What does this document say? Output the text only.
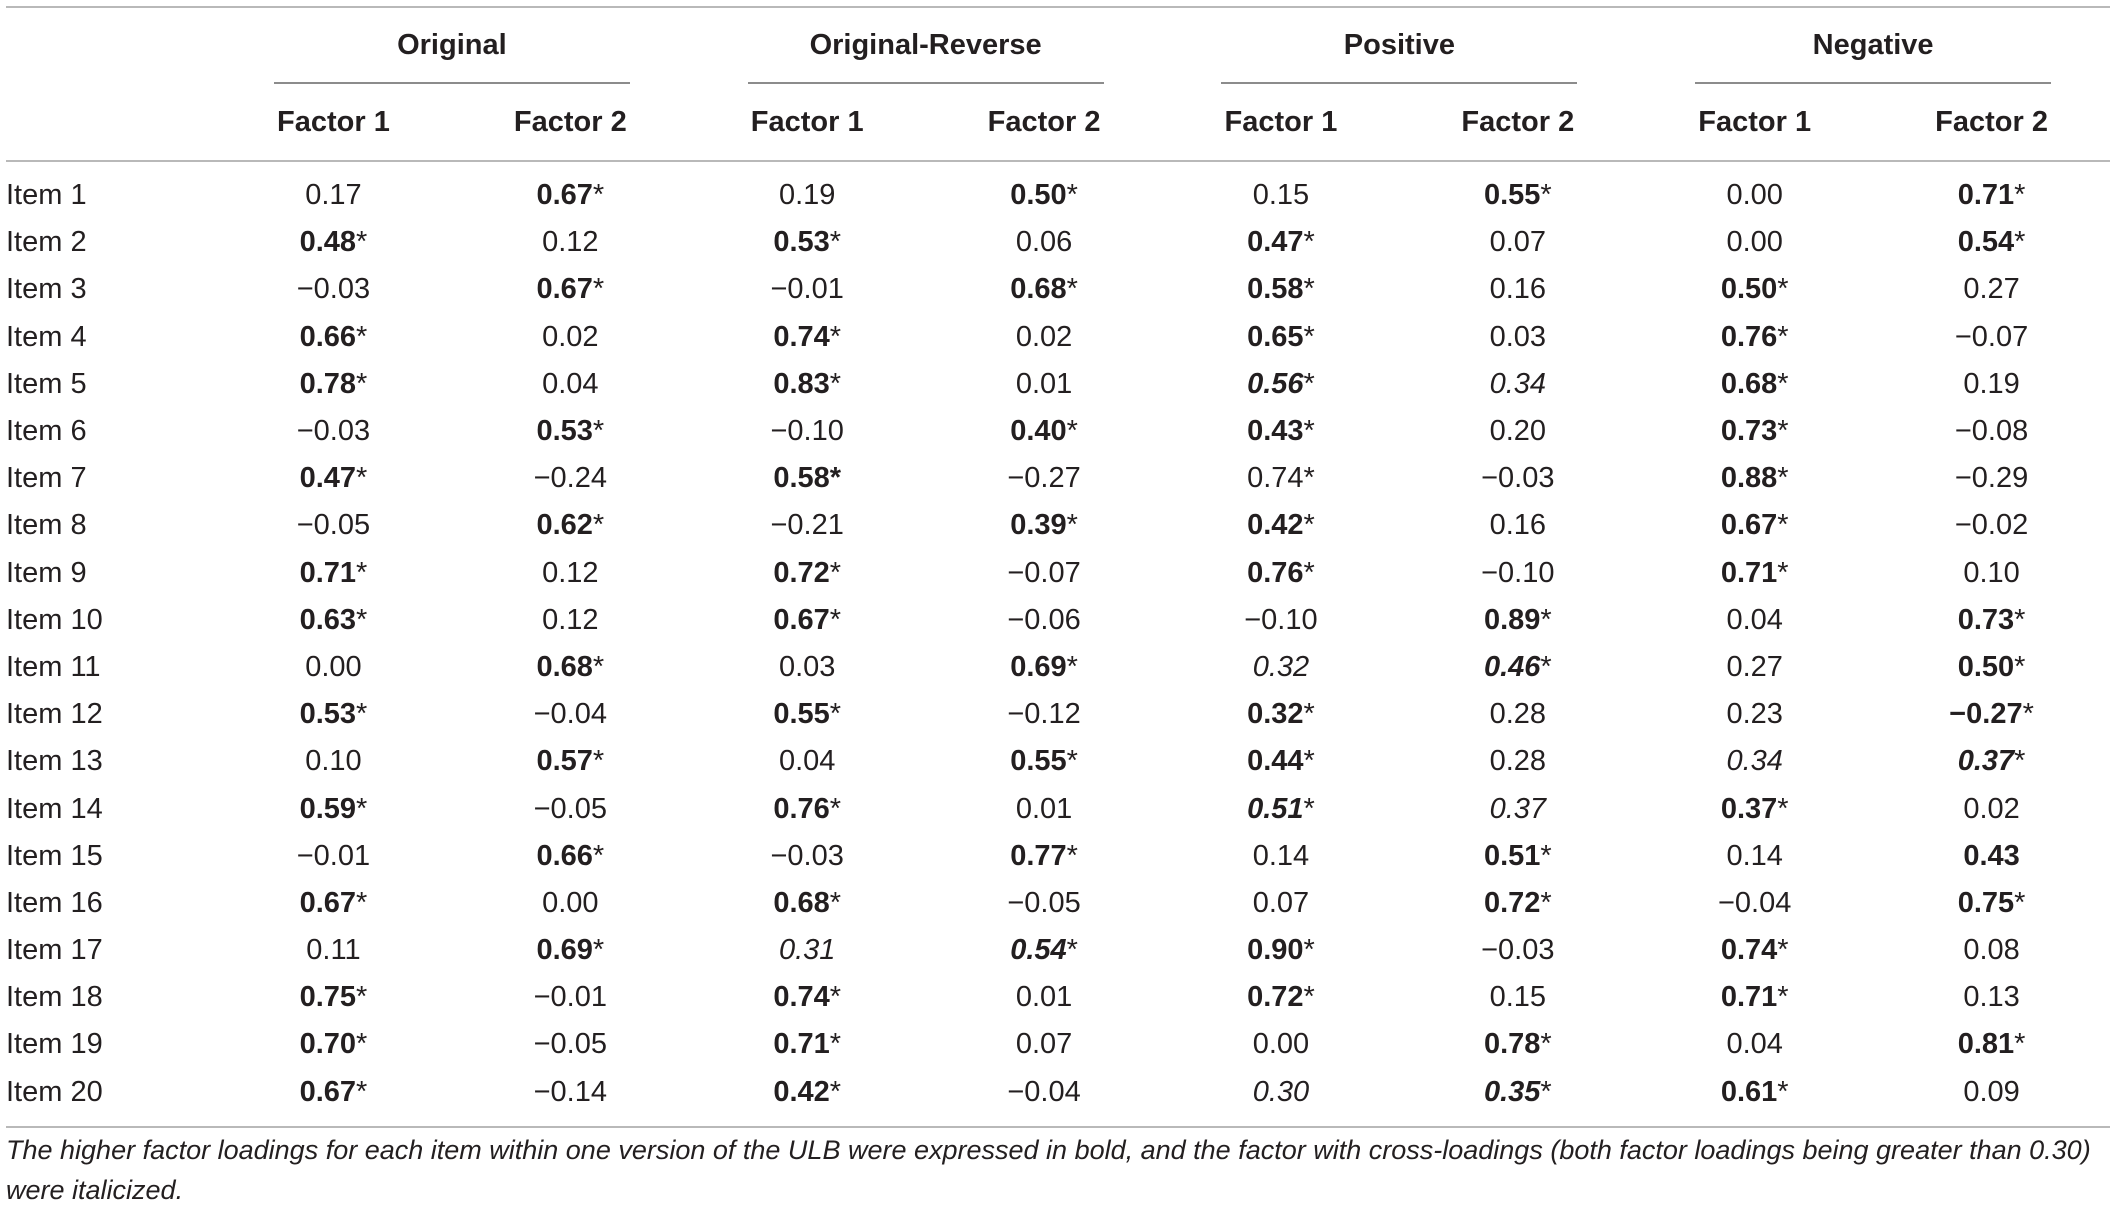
	Original		Original-Reverse		Positive		Negative	

	Factor 1	Factor 2	Factor 1	Factor 2	Factor 1	Factor 2	Factor 1	Factor 2
Item 1	0.17	0.67*	0.19	0.50*	0.15	0.55*	0.00	0.71*
Item 2	0.48*	0.12	0.53*	0.06	0.47*	0.07	0.00	0.54*
Item 3	−0.03	0.67*	−0.01	0.68*	0.58*	0.16	0.50*	0.27
Item 4	0.66*	0.02	0.74*	0.02	0.65*	0.03	0.76*	−0.07
Item 5	0.78*	0.04	0.83*	0.01	0.56*	0.34	0.68*	0.19
Item 6	−0.03	0.53*	−0.10	0.40*	0.43*	0.20	0.73*	−0.08
Item 7	0.47*	−0.24	0.58*	−0.27	0.74*	−0.03	0.88*	−0.29
Item 8	−0.05	0.62*	−0.21	0.39*	0.42*	0.16	0.67*	−0.02
Item 9	0.71*	0.12	0.72*	−0.07	0.76*	−0.10	0.71*	0.10
Item 10	0.63*	0.12	0.67*	−0.06	−0.10	0.89*	0.04	0.73*
Item 11	0.00	0.68*	0.03	0.69*	0.32	0.46*	0.27	0.50*
Item 12	0.53*	−0.04	0.55*	−0.12	0.32*	0.28	0.23	−0.27*
Item 13	0.10	0.57*	0.04	0.55*	0.44*	0.28	0.34	0.37*
Item 14	0.59*	−0.05	0.76*	0.01	0.51*	0.37	0.37*	0.02
Item 15	−0.01	0.66*	−0.03	0.77*	0.14	0.51*	0.14	0.43
Item 16	0.67*	0.00	0.68*	−0.05	0.07	0.72*	−0.04	0.75*
Item 17	0.11	0.69*	0.31	0.54*	0.90*	−0.03	0.74*	0.08
Item 18	0.75*	−0.01	0.74*	0.01	0.72*	0.15	0.71*	0.13
Item 19	0.70*	−0.05	0.71*	0.07	0.00	0.78*	0.04	0.81*
Item 20	0.67*	−0.14	0.42*	−0.04	0.30	0.35*	0.61*	0.09
The higher factor loadings for each item within one version of the ULB were expressed in bold, and the factor with cross-loadings (both factor loadings being greater than 0.30) were italicized.
